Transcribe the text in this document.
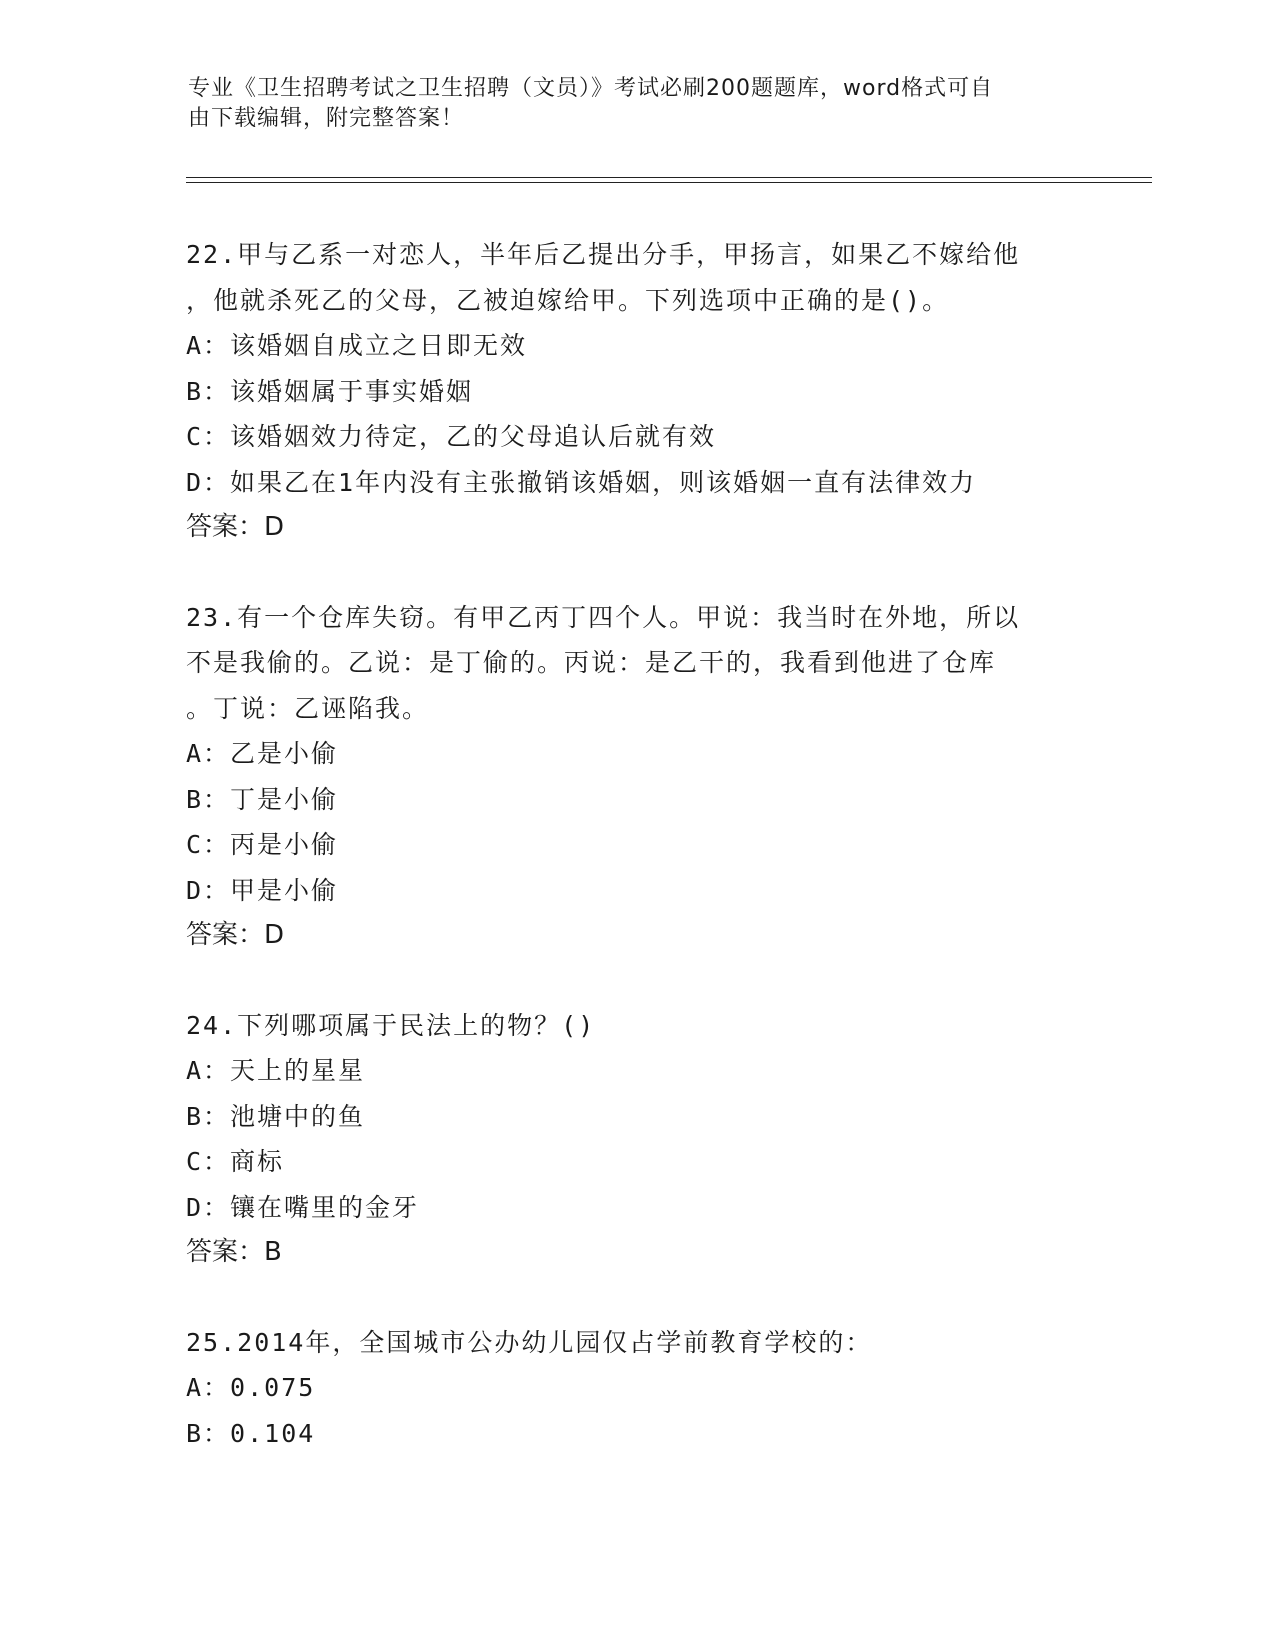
专业《卫生招聘考试之卫生招聘（文员）》考试必刷200题题库，word格式可自
由下载编辑，附完整答案！
22.甲与乙系一对恋人，半年后乙提出分手，甲扬言，如果乙不嫁给他
，他就杀死乙的父母，乙被迫嫁给甲。下列选项中正确的是()。
A：该婚姻自成立之日即无效
B：该婚姻属于事实婚姻
C：该婚姻效力待定，乙的父母追认后就有效
D：如果乙在1年内没有主张撤销该婚姻，则该婚姻一直有法律效力
答案：D
23.有一个仓库失窃。有甲乙丙丁四个人。甲说：我当时在外地，所以
不是我偷的。乙说：是丁偷的。丙说：是乙干的，我看到他进了仓库
。丁说：乙诬陷我。
A：乙是小偷
B：丁是小偷
C：丙是小偷
D：甲是小偷
答案：D
24.下列哪项属于民法上的物？()
A：天上的星星
B：池塘中的鱼
C：商标
D：镶在嘴里的金牙
答案：B
25.2014年，全国城市公办幼儿园仅占学前教育学校的：
A：0.075
B：0.104
